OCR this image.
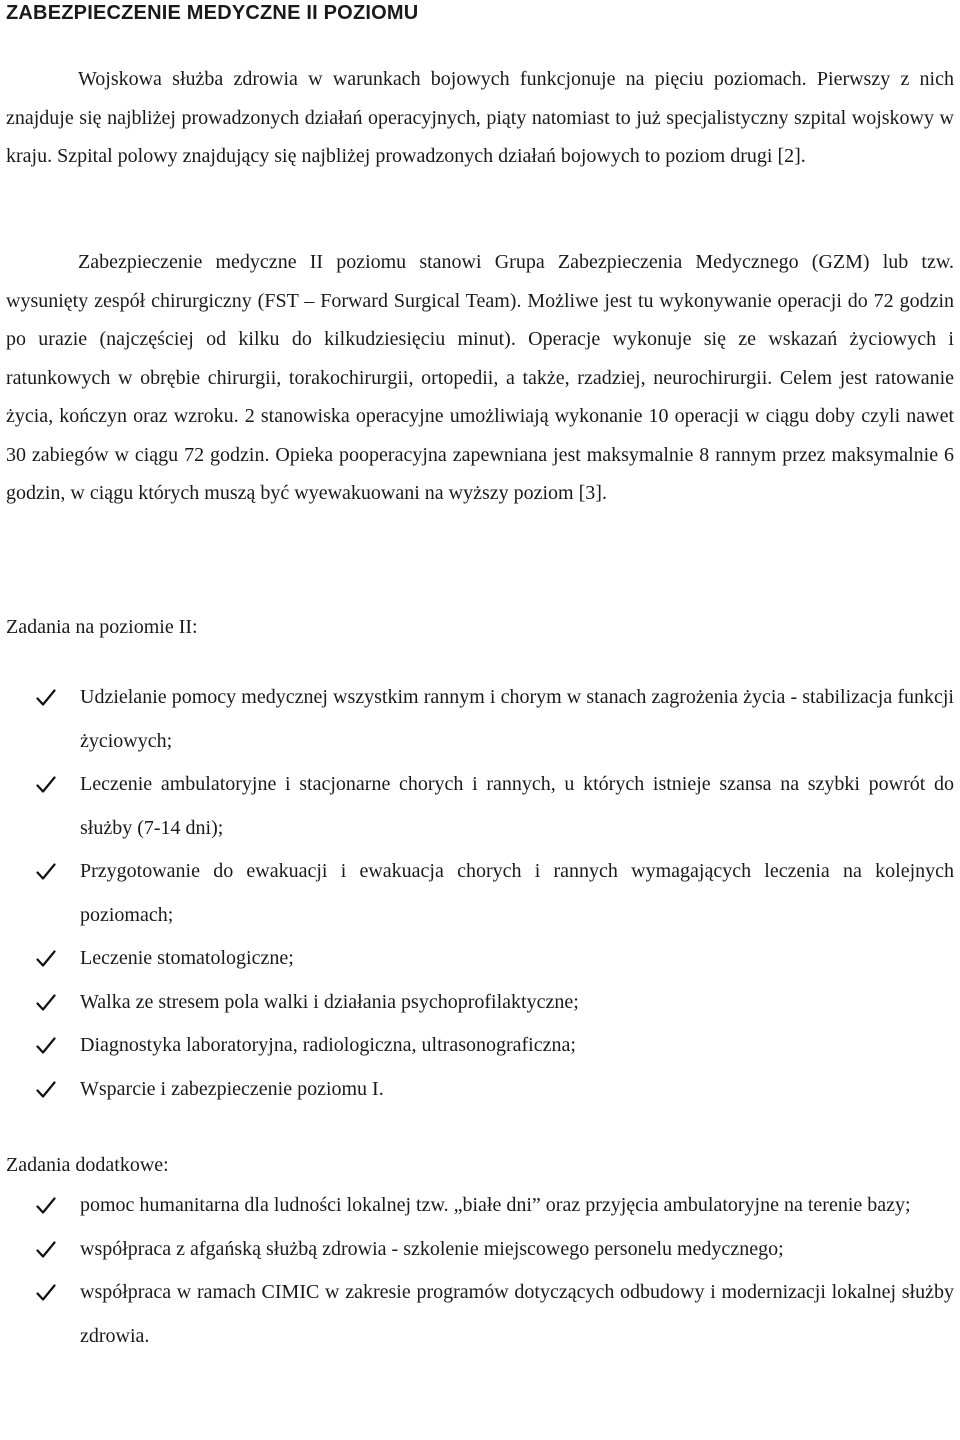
ZABEZPIECZENIE MEDYCZNE II POZIOMU

Wojskowa służba zdrowia w warunkach bojowych funkcjonuje na pięciu poziomach. Pierwszy z nich znajduje się najbliżej prowadzonych działań operacyjnych, piąty natomiast to już specjalistyczny szpital wojskowy w kraju. Szpital polowy znajdujący się najbliżej prowadzonych działań bojowych to poziom drugi [2].

Zabezpieczenie medyczne II poziomu stanowi Grupa Zabezpieczenia Medycznego (GZM) lub tzw. wysunięty zespół chirurgiczny (FST – Forward Surgical Team). Możliwe jest tu wykonywanie operacji do 72 godzin po urazie (najczęściej od kilku do kilkudziesięciu minut). Operacje wykonuje się ze wskazań życiowych i ratunkowych w obrębie chirurgii, torakochirurgii, ortopedii, a także, rzadziej, neurochirurgii. Celem jest ratowanie życia, kończyn oraz wzroku. 2 stanowiska operacyjne umożliwiają wykonanie 10 operacji w ciągu doby czyli nawet 30 zabiegów w ciągu 72 godzin. Opieka pooperacyjna zapewniana jest maksymalnie 8 rannym przez maksymalnie 6 godzin, w ciągu których muszą być wyewakuowani na wyższy poziom [3].

Zadania na poziomie II:

Udzielanie pomocy medycznej wszystkim rannym i chorym w stanach zagrożenia życia - stabilizacja funkcji życiowych;
Leczenie ambulatoryjne i stacjonarne chorych i rannych, u których istnieje szansa na szybki powrót do służby (7-14 dni);
Przygotowanie do ewakuacji i ewakuacja chorych i rannych wymagających leczenia na kolejnych poziomach;
Leczenie stomatologiczne;
Walka ze stresem pola walki i działania psychoprofilaktyczne;
Diagnostyka laboratoryjna, radiologiczna, ultrasonograficzna;
Wsparcie i zabezpieczenie poziomu I.

Zadania dodatkowe:

pomoc humanitarna dla ludności lokalnej tzw. „białe dni” oraz przyjęcia ambulatoryjne na terenie bazy;
współpraca z afgańską służbą zdrowia - szkolenie miejscowego personelu medycznego;
współpraca w ramach CIMIC w zakresie programów dotyczących odbudowy i modernizacji lokalnej służby zdrowia.
